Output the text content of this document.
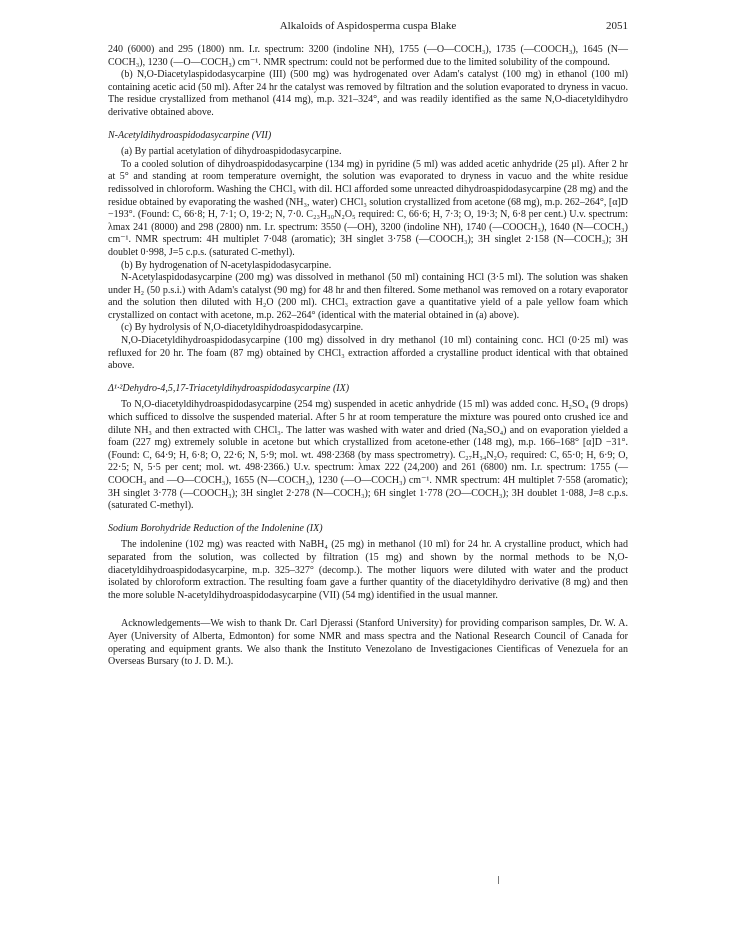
Alkaloids of Aspidosperma cuspa Blake	2051

240 (6000) and 295 (1800) nm. I.r. spectrum: 3200 (indoline NH), 1755 (—O—COCH₃), 1735 (—COOCH₃), 1645 (N—COCH₃), 1230 (—O—COCH₃) cm⁻¹. NMR spectrum: could not be performed due to the limited solubility of the compound.

(b) N,O-Diacetylaspidodasycarpine (III) (500 mg) was hydrogenated over Adam's catalyst (100 mg) in ethanol (100 ml) containing acetic acid (50 ml). After 24 hr the catalyst was removed by filtration and the solution evaporated to dryness in vacuo. The residue crystallized from methanol (414 mg), m.p. 321–324°, and was readily identified as the same N,O-diacetyldihydro derivative obtained above.

N-Acetyldihydroaspidodasycarpine (VII)

(a) By partial acetylation of dihydroaspidodasycarpine.

To a cooled solution of dihydroaspidodasycarpine (134 mg) in pyridine (5 ml) was added acetic anhydride (25 μl). After 2 hr at 5° and standing at room temperature overnight, the solution was evaporated to dryness in vacuo and the white residue redissolved in chloroform. Washing the CHCl₃ with dil. HCl afforded some unreacted dihydroaspidodasycarpine (28 mg) and the residue obtained by evaporating the washed (NH₃, water) CHCl₃ solution crystallized from acetone (68 mg), m.p. 262–264°, [α]D −193°. (Found: C, 66·8; H, 7·1; O, 19·2; N, 7·0. C₂₃H₃₀N₂O₅ required: C, 66·6; H, 7·3; O, 19·3; N, 6·8 per cent.) U.v. spectrum: λmax 241 (8000) and 298 (2800) nm. I.r. spectrum: 3550 (—OH), 3200 (indoline NH), 1740 (—COOCH₃), 1640 (N—COCH₃) cm⁻¹. NMR spectrum: 4H multiplet 7·048 (aromatic); 3H singlet 3·758 (—COOCH₃); 3H singlet 2·158 (N—COCH₃); 3H doublet 0·998, J=5 c.p.s. (saturated C-methyl).

(b) By hydrogenation of N-acetylaspidodasycarpine.

N-Acetylaspidodasycarpine (200 mg) was dissolved in methanol (50 ml) containing HCl (3·5 ml). The solution was shaken under H₂ (50 p.s.i.) with Adam's catalyst (90 mg) for 48 hr and then filtered. Some methanol was removed on a rotary evaporator and the solution then diluted with H₂O (200 ml). CHCl₃ extraction gave a quantitative yield of a pale yellow foam which crystallized on contact with acetone, m.p. 262–264° (identical with the material obtained in (a) above).

(c) By hydrolysis of N,O-diacetyldihydroaspidodasycarpine.

N,O-Diacetyldihydroaspidodasycarpine (100 mg) dissolved in dry methanol (10 ml) containing conc. HCl (0·25 ml) was refluxed for 20 hr. The foam (87 mg) obtained by CHCl₃ extraction afforded a crystalline product identical with that obtained above.

Δ¹·²Dehydro-4,5,17-Triacetyldihydroaspidodasycarpine (IX)

To N,O-diacetyldihydroaspidodasycarpine (254 mg) suspended in acetic anhydride (15 ml) was added conc. H₂SO₄ (9 drops) which sufficed to dissolve the suspended material. After 5 hr at room temperature the mixture was poured onto crushed ice and dilute NH₃ and then extracted with CHCl₃. The latter was washed with water and dried (Na₂SO₄) and on evaporation yielded a foam (227 mg) extremely soluble in acetone but which crystallized from acetone-ether (148 mg), m.p. 166–168° [α]D −31°. (Found: C, 64·9; H, 6·8; O, 22·6; N, 5·9; mol. wt. 498·2368 (by mass spectrometry). C₂₇H₃₄N₂O₇ required: C, 65·0; H, 6·9; O, 22·5; N, 5·5 per cent; mol. wt. 498·2366.) U.v. spectrum: λmax 222 (24,200) and 261 (6800) nm. I.r. spectrum: 1755 (—COOCH₃ and —O—COCH₃), 1655 (N—COCH₃), 1230 (—O—COCH₃) cm⁻¹. NMR spectrum: 4H multiplet 7·558 (aromatic); 3H singlet 3·778 (—COOCH₃); 3H singlet 2·278 (N—COCH₃); 6H singlet 1·778 (2O—COCH₃); 3H doublet 1·088, J=8 c.p.s. (saturated C-methyl).

Sodium Borohydride Reduction of the Indolenine (IX)

The indolenine (102 mg) was reacted with NaBH₄ (25 mg) in methanol (10 ml) for 24 hr. A crystalline product, which had separated from the solution, was collected by filtration (15 mg) and shown by the normal methods to be N,O-diacetyldihydroaspidodasycarpine, m.p. 325–327° (decomp.). The mother liquors were diluted with water and the product isolated by chloroform extraction. The resulting foam gave a further quantity of the diacetyldihydro derivative (8 mg) and then the more soluble N-acetyldihydroaspidodasycarpine (VII) (54 mg) identified in the usual manner.

Acknowledgements—We wish to thank Dr. Carl Djerassi (Stanford University) for providing comparison samples, Dr. W. A. Ayer (University of Alberta, Edmonton) for some NMR and mass spectra and the National Research Council of Canada for operating and equipment grants. We also thank the Instituto Venezolano de Investigaciones Cientificas of Venezuela for an Overseas Bursary (to J. D. M.).
